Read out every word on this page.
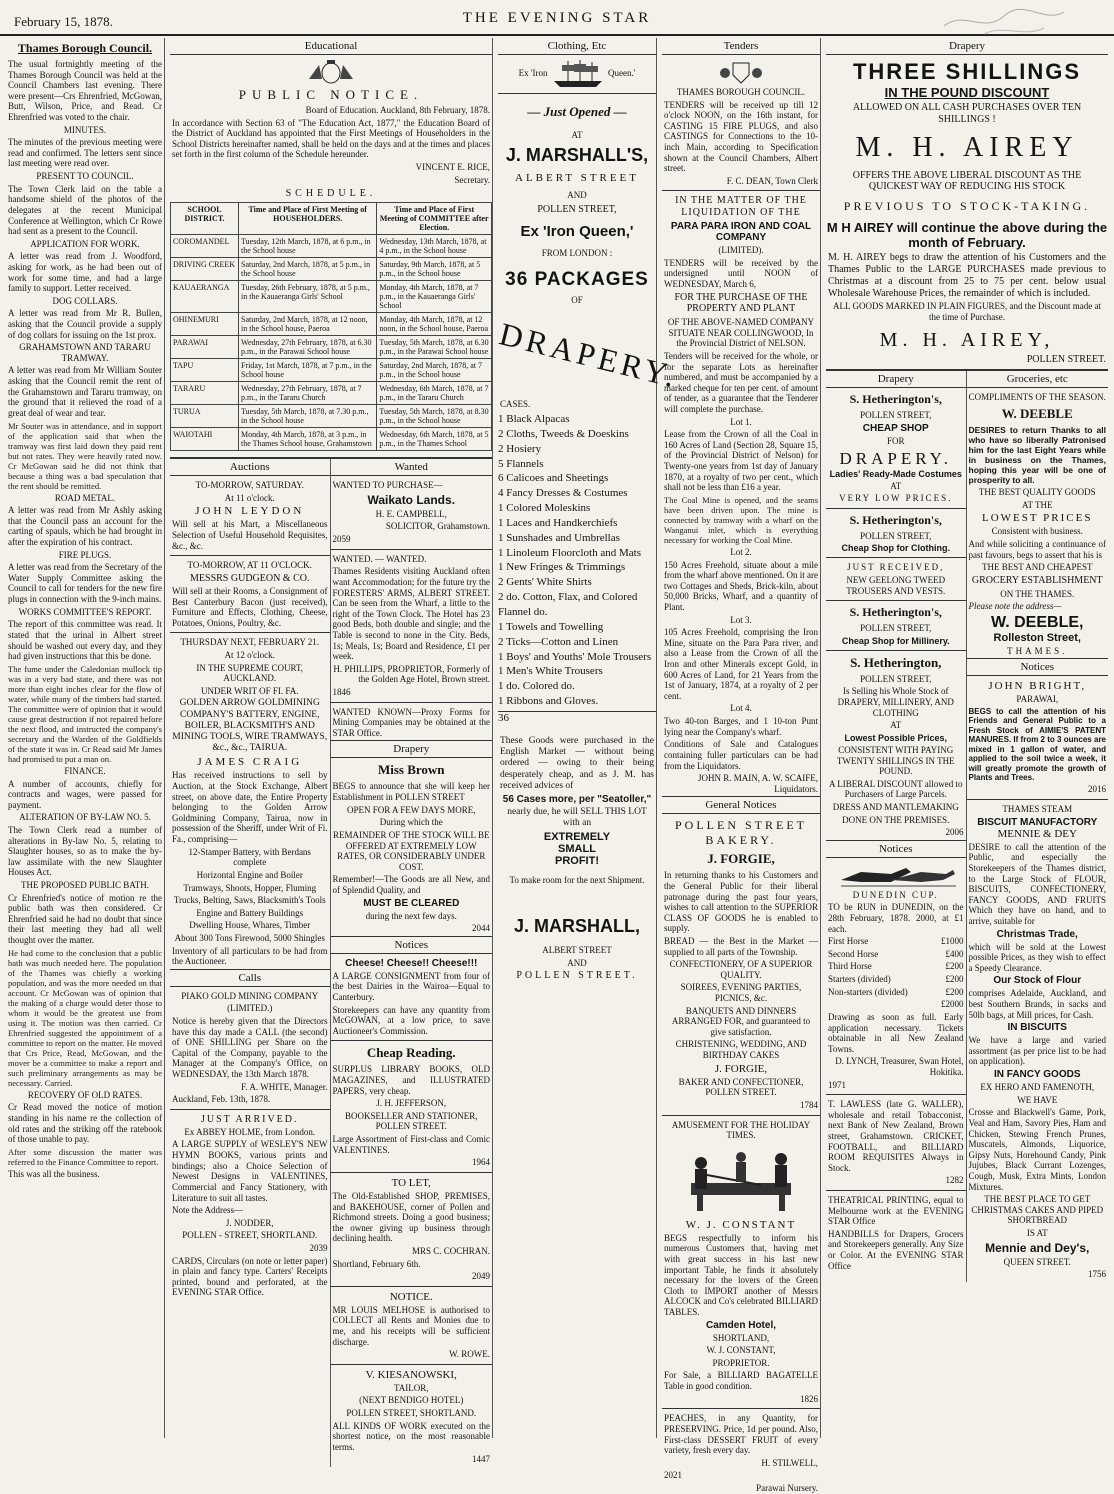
February 15, 1878.	THE EVENING STAR
Thames Borough Council.

The usual fortnightly meeting of the Thames Borough Council was held at the Council Chambers last evening. There were present—Crs Ehrenfried, McGowan, Butt, Wilson, Price, and Read. Cr Ehrenfried was voted to the chair.

MINUTES.

The minutes of the previous meeting were read and confirmed. The letters sent since last meeting were read over.

PRESENT TO COUNCIL.

The Town Clerk laid on the table a handsome shield of the photos of the delegates at the recent Municipal Conference at Wellington, which Cr Rowe had sent as a present to the Council.

APPLICATION FOR WORK.

A letter was read from J. Woodford, asking for work, as he had been out of work for some time, and had a large family to support. Letter received.

DOG COLLARS.

A letter was read from Mr R. Bullen, asking that the Council provide a supply of dog collars for issuing on the 1st prox.

GRAHAMSTOWN AND TARARU TRAMWAY.

A letter was read from Mr William Souter asking that the Council remit the rent of the Grahamstown and Tararu tramway, on the ground that it relieved the road of a great deal of wear and tear.

Mr Souter was in attendance, and in support of the application said that when the tramway was first laid down they paid rent but not rates. They were heavily rated now. Cr McGowan said he did not think that because a thing was a bad speculation that the rent should be remitted.

ROAD METAL.

A letter was read from Mr Ashly asking that the Council pass an account for the carting of spauls, which he had brought in after the expiration of his contract.

FIRE PLUGS.

A letter was read from the Secretary of the Water Supply Committee asking the Council to call for tenders for the new fire plugs in connection with the 9-inch mains.

WORKS COMMITTEE'S REPORT.

The report of this committee was read. It stated that the urinal in Albert street should be washed out every day, and they had given instructions that this be done.

The fume under the Caledonian mullock tip was in a very bad state, and there was not more than eight inches clear for the flow of water, while many of the timbers had started. The committee were of opinion that it would cause great destruction if not repaired before the next flood, and instructed the company's secretary and the Warden of the Goldfields of the state it was in. Cr Read said Mr James had promised to put a man on.

FINANCE.

A number of accounts, chiefly for contracts and wages, were passed for payment.

ALTERATION OF BY-LAW NO. 5.

The Town Clerk read a number of alterations in By-law No. 5, relating to Slaughter houses, so as to make the by-law assimilate with the new Slaughter Houses Act.

THE PROPOSED PUBLIC BATH.

Cr Ehrenfried's notice of motion re the public bath was then considered. Cr Ehrenfried said he had no doubt that since their last meeting they had all well thought over the matter.

He had come to the conclusion that a public bath was much needed here. The population of the Thames was chiefly a working population, and was the more needed on that account. Cr McGowan was of opinion that the making of a charge would deter those to whom it would be the greatest use from using it. The motion was then carried. Cr Ehrenfried suggested the appointment of a committee to report on the matter. He moved that Crs Price, Read, McGowan, and the mover be a committee to make a report and such preliminary arrangements as may be necessary. Carried.

RECOVERY OF OLD RATES.

Cr Read moved the notice of motion standing in his name re the collection of old rates and the striking off the ratebook of those unable to pay.

After some discussion the matter was referred to the Finance Committee to report.

This was all the business.

Educational
PUBLIC NOTICE.
Board of Education. Auckland, 8th February, 1878.

In accordance with Section 63 of "The Education Act, 1877," the Education Board of the District of Auckland has appointed that the First Meetings of Householders in the School Districts hereinafter named, shall be held on the days and at the times and places set forth in the first column of the Schedule hereunder.

VINCENT E. RICE,
Secretary.
SCHEDULE.
SCHOOL DISTRICT.	Time and Place of First Meeting of HOUSEHOLDERS.	Time and Place of First Meeting of COMMITTEE after Election.
COROMANDEL	Tuesday, 12th March, 1878, at 6 p.m., in the School house	Wednesday, 13th March, 1878, at 4 p.m., in the School house
DRIVING CREEK	Saturday, 2nd March, 1878, at 5 p.m., in the School house	Saturday, 9th March, 1878, at 5 p.m., in the School house
KAUAERANGA	Tuesday, 26th February, 1878, at 5 p.m., in the Kauaeranga Girls' School	Monday, 4th March, 1878, at 7 p.m., in the Kauaeranga Girls' School
OHINEMURI	Saturday, 2nd March, 1878, at 12 noon, in the School house, Paeroa	Monday, 4th March, 1878, at 12 noon, in the School house, Paeroa
PARAWAI	Wednesday, 27th February, 1878, at 6.30 p.m., in the Parawai School house	Tuesday, 5th March, 1878, at 6.30 p.m., in the Parawai School house
TAPU	Friday, 1st March, 1878, at 7 p.m., in the School house	Saturday, 2nd March, 1878, at 7 p.m., in the School house
TARARU	Wednesday, 27th February, 1878, at 7 p.m., in the Tararu Church	Wednesday, 6th March, 1878, at 7 p.m., in the Tararu Church
TURUA	Tuesday, 5th March, 1878, at 7.30 p.m., in the School house	Tuesday, 5th March, 1878, at 8.30 p.m., in the School house
WAIOTAHI	Monday, 4th March, 1878, at 3 p.m., in the Thames School house, Grahamstown	Wednesday, 6th March, 1878, at 5 p.m., in the Thames School
Auctions
TO-MORROW, SATURDAY.
At 11 o'clock.
JOHN LEYDON

Will sell at his Mart, a Miscellaneous Selection of Useful Household Requisites, &c., &c.

TO-MORROW, AT 11 O'CLOCK.
MESSRS GUDGEON & CO.

Will sell at their Rooms, a Consignment of Best Canterbury Bacon (just received), Furniture and Effects, Clothing, Cheese, Potatoes, Onions, Poultry, &c.

THURSDAY NEXT, FEBRUARY 21.
At 12 o'clock.
IN THE SUPREME COURT, AUCKLAND.
UNDER WRIT OF FI. FA.
GOLDEN ARROW GOLDMINING COMPANY'S BATTERY, ENGINE, BOILER, BLACKSMITH'S AND MINING TOOLS, WIRE TRAMWAYS, &c., &c., TAIRUA.
JAMES CRAIG

Has received instructions to sell by Auction, at the Stock Exchange, Albert street, on above date, the Entire Property belonging to the Golden Arrow Goldmining Company, Tairua, now in possession of the Sheriff, under Writ of Fi. Fa., comprising—

12-Stamper Battery, with Berdans complete
Horizontal Engine and Boiler
Tramways, Shoots, Hopper, Fluming
Trucks, Belting, Saws, Blacksmith's Tools
Engine and Battery Buildings
Dwelling House, Whares, Timber
About 300 Tons Firewood, 5000 Shingles

Inventory of all particulars to be had from the Auctioneer.

Calls
PIAKO GOLD MINING COMPANY
(LIMITED.)

Notice is hereby given that the Directors have this day made a CALL (the second) of ONE SHILLING per Share on the Capital of the Company, payable to the Manager at the Company's Office, on WEDNESDAY, the 13th March 1878.

F. A. WHITE, Manager.
Auckland, Feb. 13th, 1878.
JUST ARRIVED.
Ex ABBEY HOLME, from London.

A LARGE SUPPLY of WESLEY'S NEW HYMN BOOKS, various prints and bindings; also a Choice Selection of Newest Designs in VALENTINES, Commercial and Fancy Stationery, with Literature to suit all tastes.

Note the Address—
J. NODDER,
POLLEN - STREET, SHORTLAND.
2039

CARDS, Circulars (on note or letter paper) in plain and fancy type. Carters' Receipts printed, bound and perforated, at the EVENING STAR Office.

Wanted
WANTED TO PURCHASE—
Waikato Lands.
H. E. CAMPBELL,
SOLICITOR, Grahamstown.
2059
WANTED. — WANTED.

Thames Residents visiting Auckland often want Accommodation; for the future try the FORESTERS' ARMS, ALBERT STREET. Can be seen from the Wharf, a little to the right of the Town Clock. The Hotel has 23 good Beds, both double and single; and the Table is second to none in the City. Beds, 1s; Meals, 1s; Board and Residence, £1 per week.

H. PHILLIPS, PROPRIETOR, Formerly of the Golden Age Hotel, Brown street.
1846

WANTED KNOWN—Proxy Forms for Mining Companies may be obtained at the STAR Office.

Drapery
Miss Brown

BEGS to announce that she will keep her Establishment in POLLEN STREET

OPEN FOR A FEW DAYS MORE,
During which the
REMAINDER OF THE STOCK WILL BE OFFERED AT EXTREMELY LOW RATES, OR CONSIDERABLY UNDER COST.

Remember!—The Goods are all New, and of Splendid Quality, and

MUST BE CLEARED
during the next few days.
2044
Notices
Cheese! Cheese!! Cheese!!!

A LARGE CONSIGNMENT from four of the best Dairies in the Wairoa—Equal to Canterbury.

Storekeepers can have any quantity from McGOWAN, at a low price, to save Auctioneer's Commission.

Cheap Reading.

SURPLUS LIBRARY BOOKS, OLD MAGAZINES, and ILLUSTRATED PAPERS, very cheap.

J. H. JEFFERSON,
BOOKSELLER AND STATIONER, POLLEN STREET.

Large Assortment of First-class and Comic VALENTINES.

1964
TO LET,

The Old-Established SHOP, PREMISES, and BAKEHOUSE, corner of Pollen and Richmond streets. Doing a good business; the owner giving up business through declining health.

MRS C. COCHRAN.
Shortland, February 6th.
2049
NOTICE.

MR LOUIS MELHOSE is authorised to COLLECT all Rents and Monies due to me, and his receipts will be sufficient discharge.

W. ROWE.
V. KIESANOWSKI,
TAILOR,
(NEXT BENDIGO HOTEL)
POLLEN STREET, SHORTLAND.

ALL KINDS OF WORK executed on the shortest notice, on the most reasonable terms.

1447
Clothing, Etc
Ex 'Iron	Queen.'
— Just Opened —
AT
J. MARSHALL'S,
ALBERT STREET
AND
POLLEN STREET,
Ex 'Iron Queen,'
FROM LONDON :
36 PACKAGES
OF
DRAPERY.
CASES.
1 Black Alpacas
2 Cloths, Tweeds & Doeskins
2 Hosiery
5 Flannels
6 Calicoes and Sheetings
4 Fancy Dresses & Costumes
1 Colored Moleskins
1 Laces and Handkerchiefs
1 Sunshades and Umbrellas
1 Linoleum Floorcloth and Mats
1 New Fringes & Trimmings
2 Gents' White Shirts
2 do. Cotton, Flax, and Colored Flannel do.
1 Towels and Towelling
2 Ticks—Cotton and Linen
1 Boys' and Youths' Mole Trousers
1 Men's White Trousers
1 do. Colored do.
1 Ribbons and Gloves.
36

These Goods were purchased in the English Market — without being ordered — owing to their being desperately cheap, and as J. M. has received advices of

56 Cases more, per "Seatoller,"

nearly due, he will SELL THIS LOT with an

EXTREMELY
SMALL
PROFIT!

To make room for the next Shipment.

J. MARSHALL,
ALBERT STREET
AND
POLLEN STREET.
Tenders
THAMES BOROUGH COUNCIL.

TENDERS will be received up till 12 o'clock NOON, on the 16th instant, for CASTING 15 FIRE PLUGS, and also CASTINGS for Connections to the 10-inch Main, according to Specification shown at the Council Chambers, Albert street.

F. C. DEAN, Town Clerk
IN THE MATTER OF THE LIQUIDATION OF THE
PARA PARA IRON AND COAL COMPANY
(LIMITED).

TENDERS will be received by the undersigned until NOON of WEDNESDAY, March 6,

FOR THE PURCHASE OF THE PROPERTY AND PLANT
OF THE ABOVE-NAMED COMPANY SITUATE NEAR COLLINGWOOD, In the Provincial District of NELSON.

Tenders will be received for the whole, or for the separate Lots as hereinafter numbered, and must be accompanied by a marked cheque for ten per cent. of amount of tender, as a guarantee that the Tenderer will complete the purchase.

Lot 1.

Lease from the Crown of all the Coal in 160 Acres of Land (Section 28, Square 15, of the Provincial District of Nelson) for Twenty-one years from 1st day of January 1870, at a royalty of two per cent., which shall not be less than £16 a year.

The Coal Mine is opened, and the seams have been driven upon. The mine is connected by tramway with a wharf on the Wanganui inlet, which is everything necessary for working the Coal Mine.

Lot 2.

150 Acres Freehold, situate about a mile from the wharf above mentioned. On it are two Cottages and Sheds, Brick-kiln, about 50,000 Bricks, Wharf, and a quantity of Plant.

Lot 3.

105 Acres Freehold, comprising the Iron Mine, situate on the Para Para river, and also a Lease from the Crown of all the Iron and other Minerals except Gold, in 600 Acres of Land, for 21 Years from the 1st of January, 1874, at a royalty of 2 per cent.

Lot 4.

Two 40-ton Barges, and 1 10-ton Punt lying near the Company's wharf.

Conditions of Sale and Catalogues containing fuller particulars can be had from the Liquidators.

JOHN R. MAIN, A. W. SCAIFE, Liquidators.
General Notices
POLLEN STREET BAKERY.
J. FORGIE,

In returning thanks to his Customers and the General Public for their liberal patronage during the past four years, wishes to call attention to the SUPERIOR CLASS OF GOODS he is enabled to supply.

BREAD — the Best in the Market — supplied to all parts of the Township.

CONFECTIONERY, OF A SUPERIOR QUALITY.
SOIREES, EVENING PARTIES, PICNICS, &c.
BANQUETS AND DINNERS ARRANGED FOR, and guaranteed to give satisfaction.
CHRISTENING, WEDDING, AND BIRTHDAY CAKES
J. FORGIE,
BAKER AND CONFECTIONER, POLLEN STREET.
1784
AMUSEMENT FOR THE HOLIDAY TIMES.
W. J. CONSTANT

BEGS respectfully to inform his numerous Customers that, having met with great success in his last new important Table, he finds it absolutely necessary for the lovers of the Green Cloth to IMPORT another of Messrs ALCOCK and Co's celebrated BILLIARD TABLES.

Camden Hotel,
SHORTLAND,
W. J. CONSTANT,
PROPRIETOR.

For Sale, a BILLIARD BAGATELLE Table in good condition.

1826

PEACHES, in any Quantity, for PRESERVING. Price, 1d per pound. Also, First-class DESSERT FRUIT of every variety, fresh every day.

H. STILWELL,
2021
Parawai Nursery.
Drapery
THREE SHILLINGS
IN THE POUND DISCOUNT
ALLOWED ON ALL CASH PURCHASES OVER TEN SHILLINGS !
M. H. AIREY
OFFERS THE ABOVE LIBERAL DISCOUNT AS THE QUICKEST WAY OF REDUCING HIS STOCK
PREVIOUS TO STOCK-TAKING.
M H AIREY will continue the above during the month of February.

M. H. AIREY begs to draw the attention of his Customers and the Thames Public to the LARGE PURCHASES made previous to Christmas at a discount from 25 to 75 per cent. below usual Wholesale Warehouse Prices, the remainder of which is included.

ALL GOODS MARKED IN PLAIN FIGURES, and the Discount made at the time of Purchase.
M. H. AIREY,
POLLEN STREET.
Drapery
S. Hetherington's,
POLLEN STREET,
CHEAP SHOP
FOR
DRAPERY.
Ladies' Ready-Made Costumes
AT
VERY LOW PRICES.
S. Hetherington's,
POLLEN STREET,
Cheap Shop for Clothing.
JUST RECEIVED,
NEW GEELONG TWEED TROUSERS AND VESTS.
S. Hetherington's,
POLLEN STREET,
Cheap Shop for Millinery.
S. Hetherington,
POLLEN STREET,
Is Selling his Whole Stock of DRAPERY, MILLINERY, AND CLOTHING
AT
Lowest Possible Prices,
CONSISTENT WITH PAYING TWENTY SHILLINGS IN THE POUND.
A LIBERAL DISCOUNT allowed to Purchasers of Large Parcels.
DRESS AND MANTLEMAKING
DONE ON THE PREMISES.
2006
Notices
DUNEDIN CUP.

TO be RUN in DUNEDIN, on the 28th February, 1878. 2000, at £1 each.

First Horse	£1000
Second Horse	£400
Third Horse	£200
Starters (divided)	£200
Non-starters (divided)	£200
£2000

Drawing as soon as full. Early application necessary. Tickets obtainable in all New Zealand Towns.

D. LYNCH, Treasurer, Swan Hotel, Hokitika.
1971

T. LAWLESS (late G. WALLER), wholesale and retail Tobacconist, next Bank of New Zealand, Brown street, Grahamstown. CRICKET, FOOTBALL, and BILLIARD ROOM REQUISITES Always in Stock.

1282

THEATRICAL PRINTING, equal to Melbourne work at the EVENING STAR Office

HANDBILLS for Drapers, Grocers and Storekeepers generally. Any Size or Color. At the EVENING STAR Office

Groceries, etc
COMPLIMENTS OF THE SEASON.
W. DEEBLE

DESIRES to return Thanks to all who have so liberally Patronised him for the last Eight Years while in business on the Thames, hoping this year will be one of prosperity to all.

THE BEST QUALITY GOODS
AT THE
LOWEST PRICES
Consistent with business.

And while soliciting a continuance of past favours, begs to assert that his is

THE BEST AND CHEAPEST
GROCERY ESTABLISHMENT
ON THE THAMES.
Please note the address—
W. DEEBLE,
Rolleston Street,
THAMES.
Notices
JOHN BRIGHT,
PARAWAI,

BEGS to call the attention of his Friends and General Public to a Fresh Stock of AIMIE'S PATENT MANURES. If from 2 to 3 ounces are mixed in 1 gallon of water, and applied to the soil twice a week, it will greatly promote the growth of Plants and Trees.

2016
THAMES STEAM
BISCUIT MANUFACTORY
MENNIE & DEY

DESIRE to call the attention of the Public, and especially the Storekeepers of the Thames district, to the Large Stock of FLOUR, BISCUITS, CONFECTIONERY, FANCY GOODS, AND FRUITS Which they have on hand, and to arrive, suitable for

Christmas Trade,

which will be sold at the Lowest possible Prices, as they wish to effect a Speedy Clearance.

Our Stock of Flour

comprises Adelaide, Auckland, and best Southern Brands, in sacks and 50lb bags, at Mill prices, for Cash.

IN BISCUITS

We have a large and varied assortment (as per price list to be had on application).

IN FANCY GOODS
EX HERO AND FAMENOTH,
WE HAVE

Crosse and Blackwell's Game, Pork, Veal and Ham, Savory Pies, Ham and Chicken, Stewing French Prunes, Muscatels, Almonds, Liquorice, Gipsy Nuts, Horehound Candy, Pink Jujubes, Black Currant Lozenges, Cough, Musk, Extra Mints, London Mixtures.

THE BEST PLACE TO GET CHRISTMAS CAKES AND PIPED SHORTBREAD
IS AT
Mennie and Dey's,
QUEEN STREET.
1756
